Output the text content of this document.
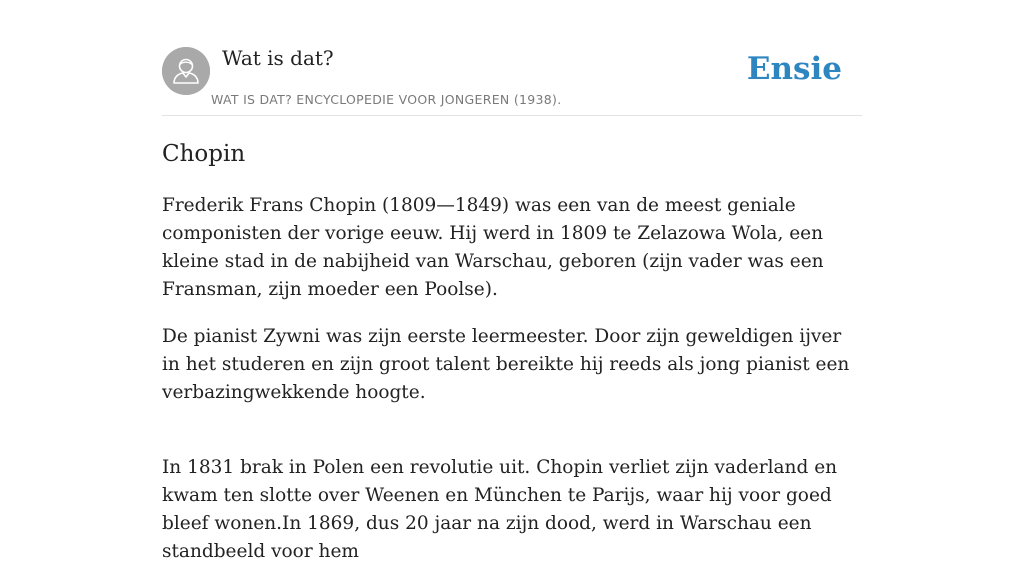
Wat is dat?
WAT IS DAT? ENCYCLOPEDIE VOOR JONGEREN (1938).
Ensie
Chopin

Frederik Frans Chopin (1809—1849) was een van de meest geniale componisten der vorige eeuw. Hij werd in 1809 te Zelazowa Wola, een kleine stad in de nabijheid van Warschau, geboren (zijn vader was een Fransman, zijn moeder een Poolse).

De pianist Zywni was zijn eerste leermeester. Door zijn geweldigen ijver in het studeren en zijn groot talent bereikte hij reeds als jong pianist een verbazingwekkende hoogte.

In 1831 brak in Polen een revolutie uit. Chopin verliet zijn vaderland en kwam ten slotte over Weenen en München te Parijs, waar hij voor goed bleef wonen.In 1869, dus 20 jaar na zijn dood, werd in Warschau een standbeeld voor hem
